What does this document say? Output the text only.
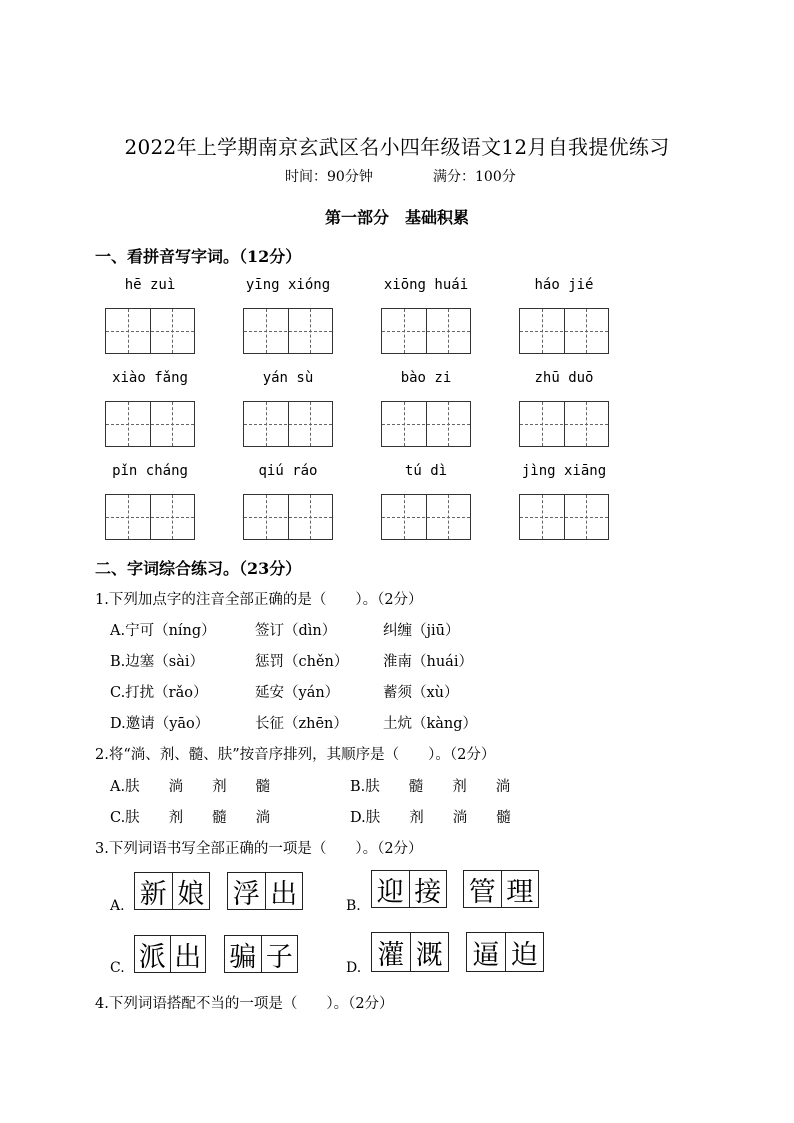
2022年上学期南京玄武区名小四年级语文12月自我提优练习
时间：90分钟	满分：100分
第一部分　基础积累
一、看拼音写字词。（12分）
hē zuì	yīng xióng	xiōng huái	háo jié
xiào fǎng	yán sù	bào zi	zhū duō
pǐn cháng	qiú ráo	tú dì	jìng xiāng
二、字词综合练习。（23分）
1.下列加点字的注音全部正确的是（　　）。（2分）
A.宁可（níng）	签订（dìn）	纠缠（jiū）
B.边塞（sài）	惩罚（chěn） 淮南（huái）
C.打扰（rǎo）	延安（yán）	蓄须（xù）
D.邀请（yāo）	长征（zhēn） 土炕（kàng）
2.将“淌、剂、髓、肤”按音序排列，其顺序是（　　）。（2分）
A.肤　　淌　　剂　　髓	B.肤　　髓　　剂　　淌
C.肤　　剂　　髓　　淌	D.肤　　剂　　淌　　髓
3.下列词语书写全部正确的一项是（　　）。（2分）
A. 新 娘 浮 出	B. 迎 接 管 理
C. 派 出 骗 子	D. 灌 溉 逼 迫
4.下列词语搭配不当的一项是（　　）。（2分）
